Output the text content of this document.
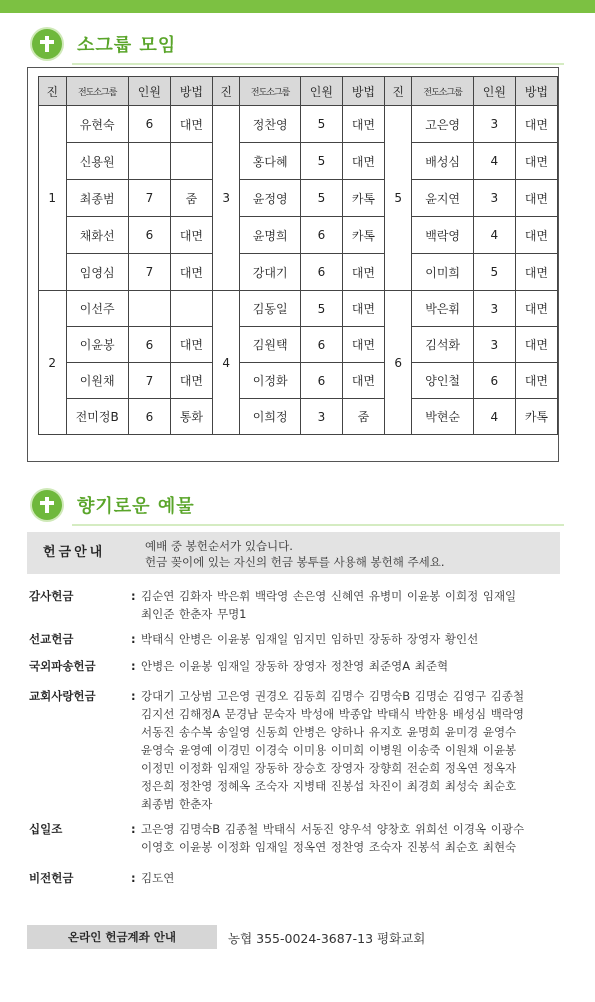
소그룹 모임
진	전도소그룹	인원	방법	진	전도소그룹	인원	방법	진	전도소그룹	인원	방법
1	유현숙	6	대면	3	정찬영	5	대면	5	고은영	3	대면
	신용원				홍다혜	5	대면		배성심	4	대면
	최종범	7	줌		윤정영	5	카톡		윤지연	3	대면
	채화선	6	대면		윤명희	6	카톡		백락영	4	대면
	임영심	7	대면		강대기	6	대면		이미희	5	대면
2	이선주			4	김동일	5	대면	6	박은휘	3	대면
	이윤봉	6	대면		김원택	6	대면		김석화	3	대면
	이원채	7	대면		이정화	6	대면		양인철	6	대면
	전미정B	6	통화		이희정	3	줌		박현순	4	카톡
향기로운 예물
헌금안내	예배 중 봉헌순서가 있습니다.
헌금 꽂이에 있는 자신의 헌금 봉투를 사용해 봉헌해 주세요.
감사헌금	: 김순연 김화자 박은휘 백락영 손은영 신혜연 유병미 이윤봉 이희정 임재일
최인준 한춘자 무명1
선교헌금	: 박태식 안병은 이윤봉 임재일 임지민 임하민 장동하 장영자 황인선
국외파송헌금	: 안병은 이윤봉 임재일 장동하 장영자 정찬영 최준영A 최준혁
교회사랑헌금	: 강대기 고상범 고은영 권경오 김동희 김명수 김명숙B 김명순 김영구 김종철
김지선 김해정A 문경남 문숙자 박성애 박종압 박태식 박한용 배성심 백락영
서동진 송수복 송일영 신동희 안병은 양하나 유지호 윤명희 윤미경 윤영수
윤영숙 윤영예 이경민 이경숙 이미용 이미희 이병원 이송죽 이원채 이윤봉
이정민 이정화 임재일 장동하 장승호 장영자 장향희 전순희 정옥연 정옥자
정은희 정찬영 정혜옥 조숙자 지병태 진봉섭 차진이 최경희 최성숙 최순호
최종범 한춘자
십일조	: 고은영 김명숙B 김종철 박태식 서동진 양우석 양창호 위희선 이경옥 이광수
이영호 이윤봉 이정화 임재일 정옥연 정찬영 조숙자 진봉석 최순호 최현숙
비전헌금	: 김도연
온라인 헌금계좌 안내	농협 355-0024-3687-13 평화교회
